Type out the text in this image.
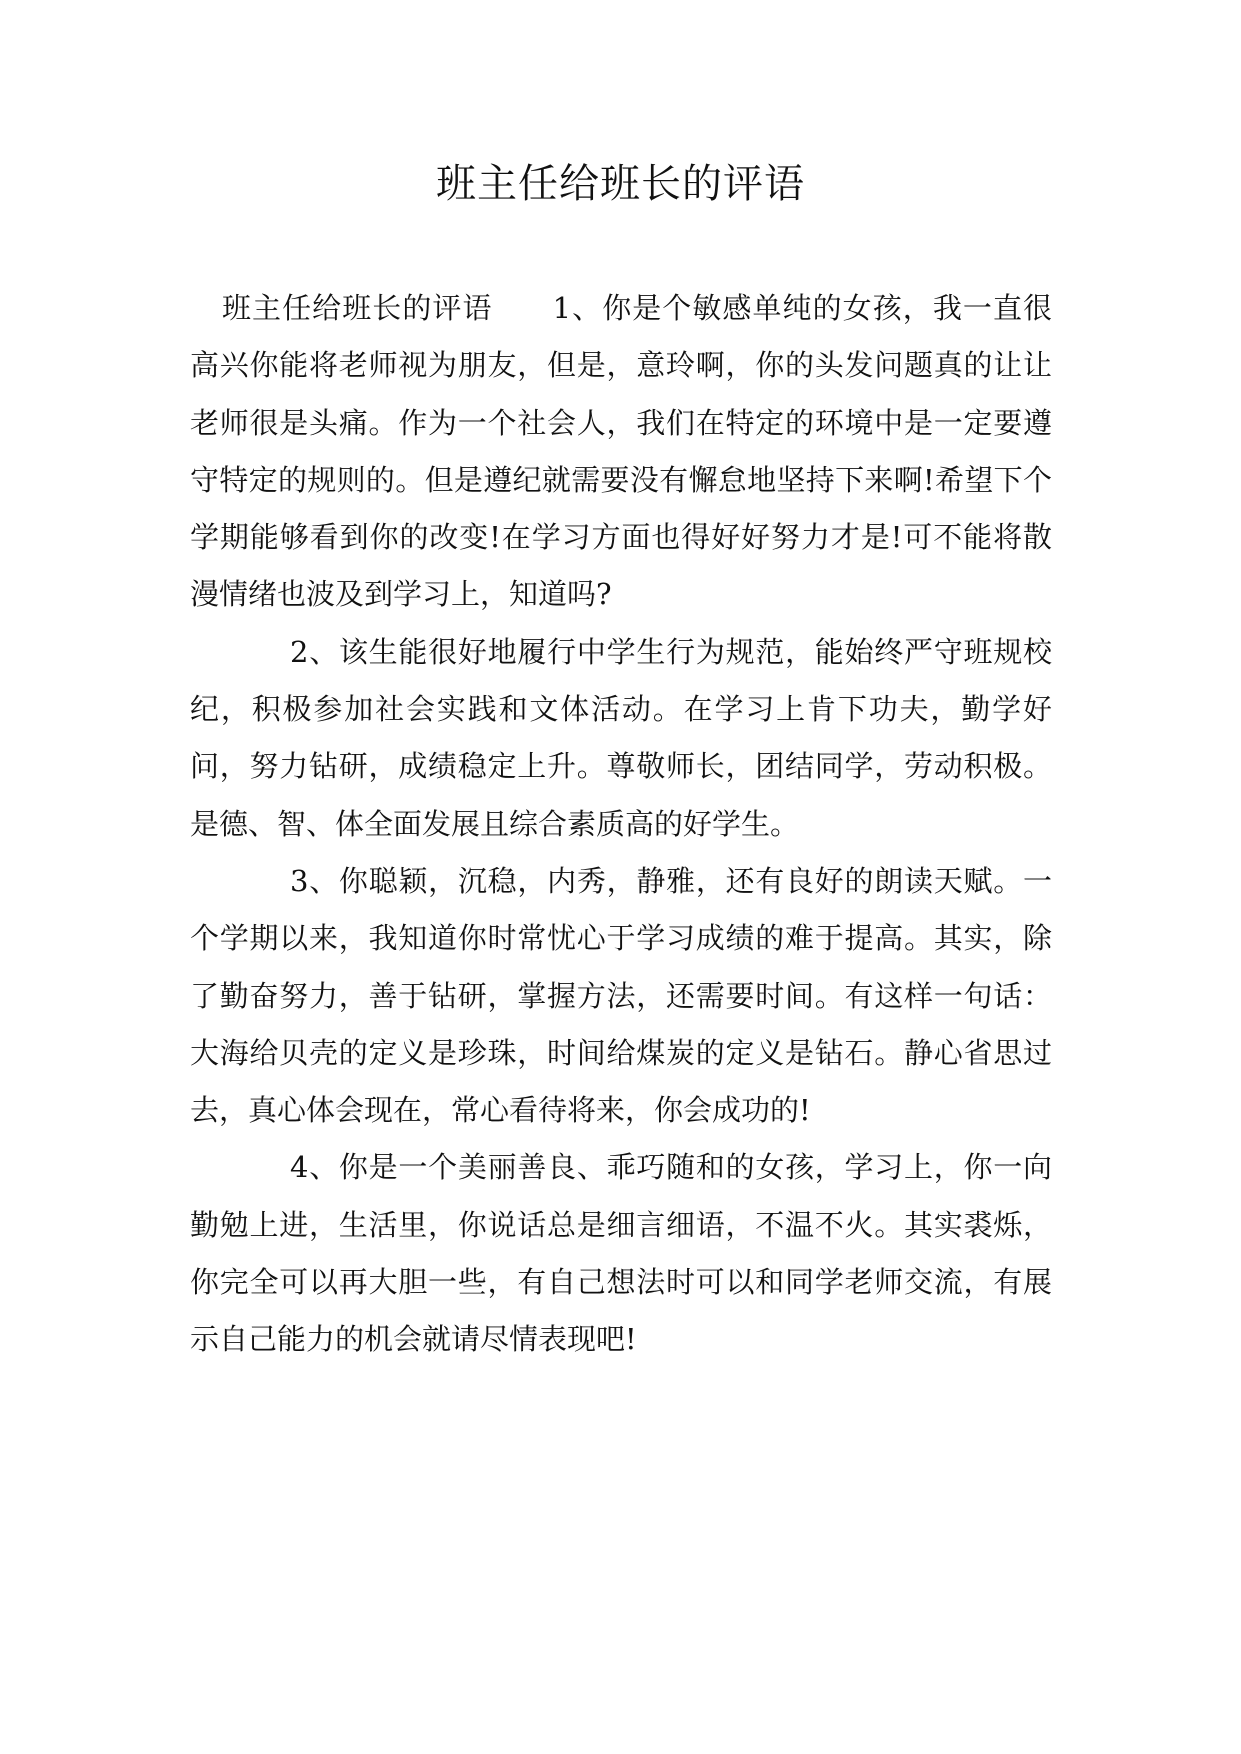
班主任给班长的评语

班主任给班长的评语　　1、你是个敏感单纯的女孩，我一直很高兴你能将老师视为朋友，但是，意玲啊，你的头发问题真的让让老师很是头痛。作为一个社会人，我们在特定的环境中是一定要遵守特定的规则的。但是遵纪就需要没有懈怠地坚持下来啊!希望下个学期能够看到你的改变!在学习方面也得好好努力才是!可不能将散漫情绪也波及到学习上，知道吗?

2、该生能很好地履行中学生行为规范，能始终严守班规校纪，积极参加社会实践和文体活动。在学习上肯下功夫，勤学好问，努力钻研，成绩稳定上升。尊敬师长，团结同学，劳动积极。是德、智、体全面发展且综合素质高的好学生。

3、你聪颖，沉稳，内秀，静雅，还有良好的朗读天赋。一个学期以来，我知道你时常忧心于学习成绩的难于提高。其实，除了勤奋努力，善于钻研，掌握方法，还需要时间。有这样一句话：大海给贝壳的定义是珍珠，时间给煤炭的定义是钻石。静心省思过去，真心体会现在，常心看待将来，你会成功的!

4、你是一个美丽善良、乖巧随和的女孩，学习上，你一向勤勉上进，生活里，你说话总是细言细语，不温不火。其实裘烁，你完全可以再大胆一些，有自己想法时可以和同学老师交流，有展示自己能力的机会就请尽情表现吧!
